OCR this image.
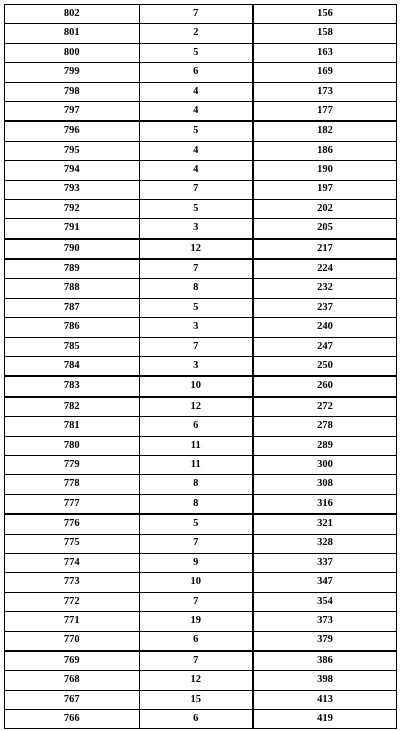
802	7	156
801	2	158
800	5	163
799	6	169
798	4	173
797	4	177
796	5	182
795	4	186
794	4	190
793	7	197
792	5	202
791	3	205
790	12	217
789	7	224
788	8	232
787	5	237
786	3	240
785	7	247
784	3	250
783	10	260
782	12	272
781	6	278
780	11	289
779	11	300
778	8	308
777	8	316
776	5	321
775	7	328
774	9	337
773	10	347
772	7	354
771	19	373
770	6	379
769	7	386
768	12	398
767	15	413
766	6	419
